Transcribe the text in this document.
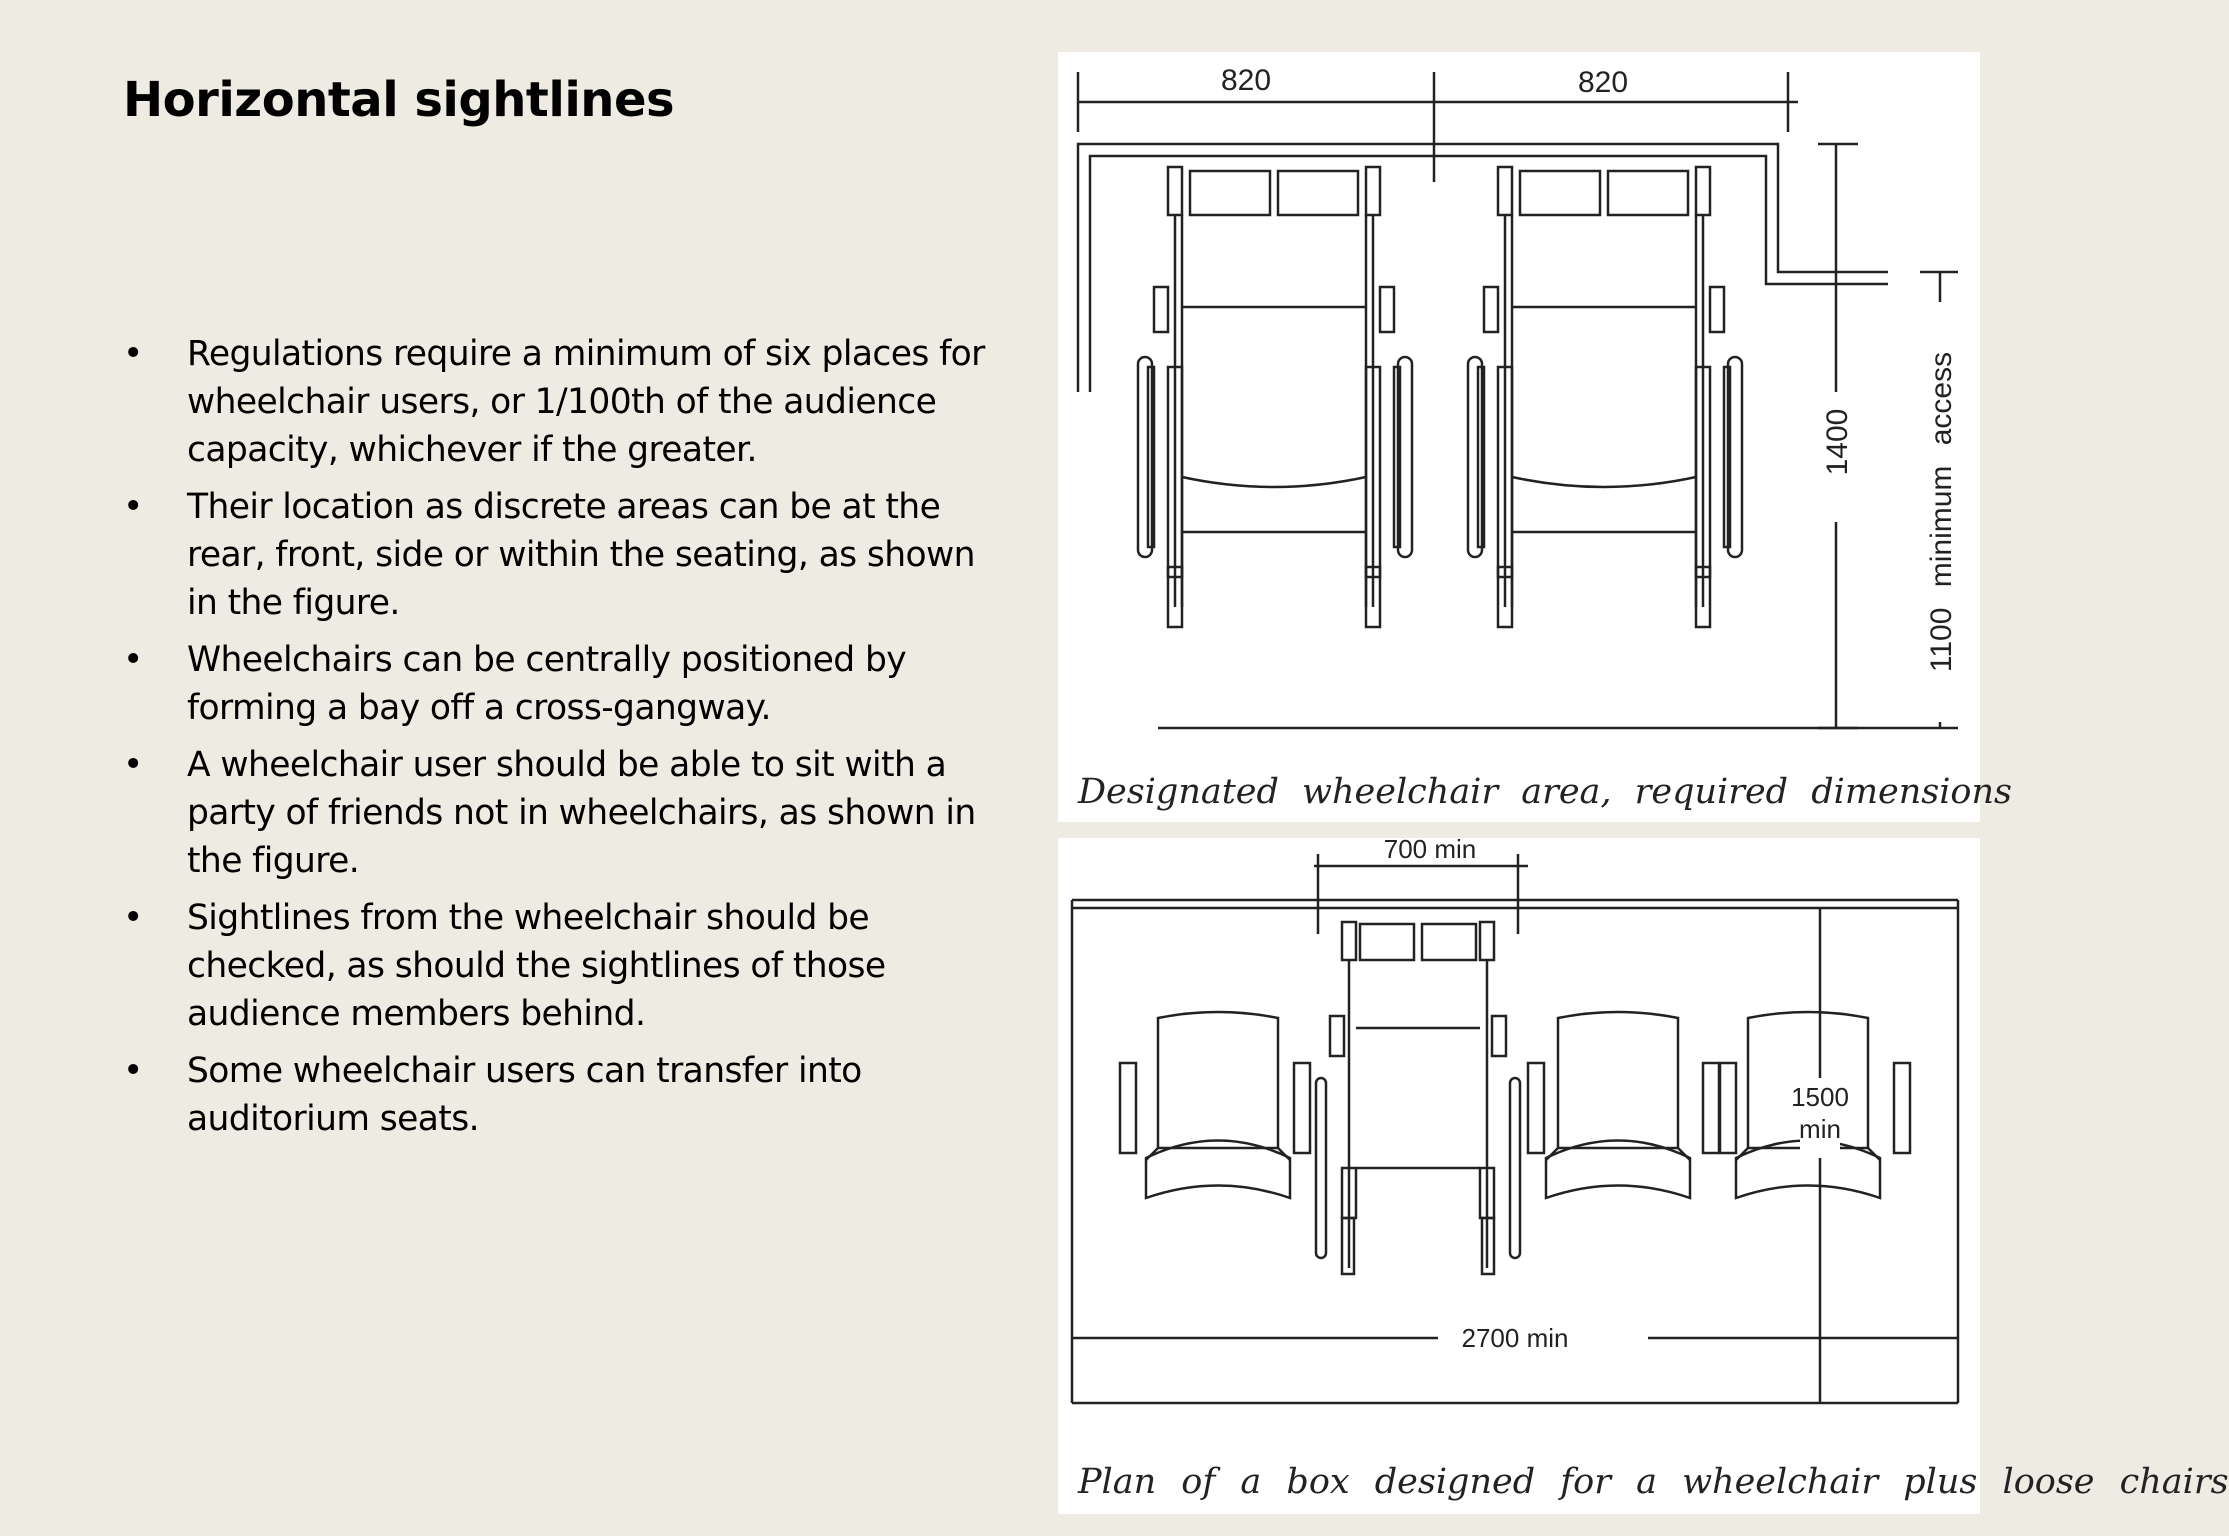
Horizontal sightlines
• Regulations require a minimum of six places for wheelchair users, or 1/100th of the audience capacity, whichever if the greater.
• Their location as discrete areas can be at the rear, front, side or within the seating, as shown in the figure.
• Wheelchairs can be centrally positioned by forming a bay off a cross-gangway.
• A wheelchair user should be able to sit with a party of friends not in wheelchairs, as shown in the figure.
• Sightlines from the wheelchair should be checked, as should the sightlines of those audience members behind.
• Some wheelchair users can transfer into auditorium seats.
820	820
1400 1100 minimum access
Designated wheelchair area, required dimensions
700 min
1500
min
2700 min
Plan of a box designed for a wheelchair plus loose chairs
